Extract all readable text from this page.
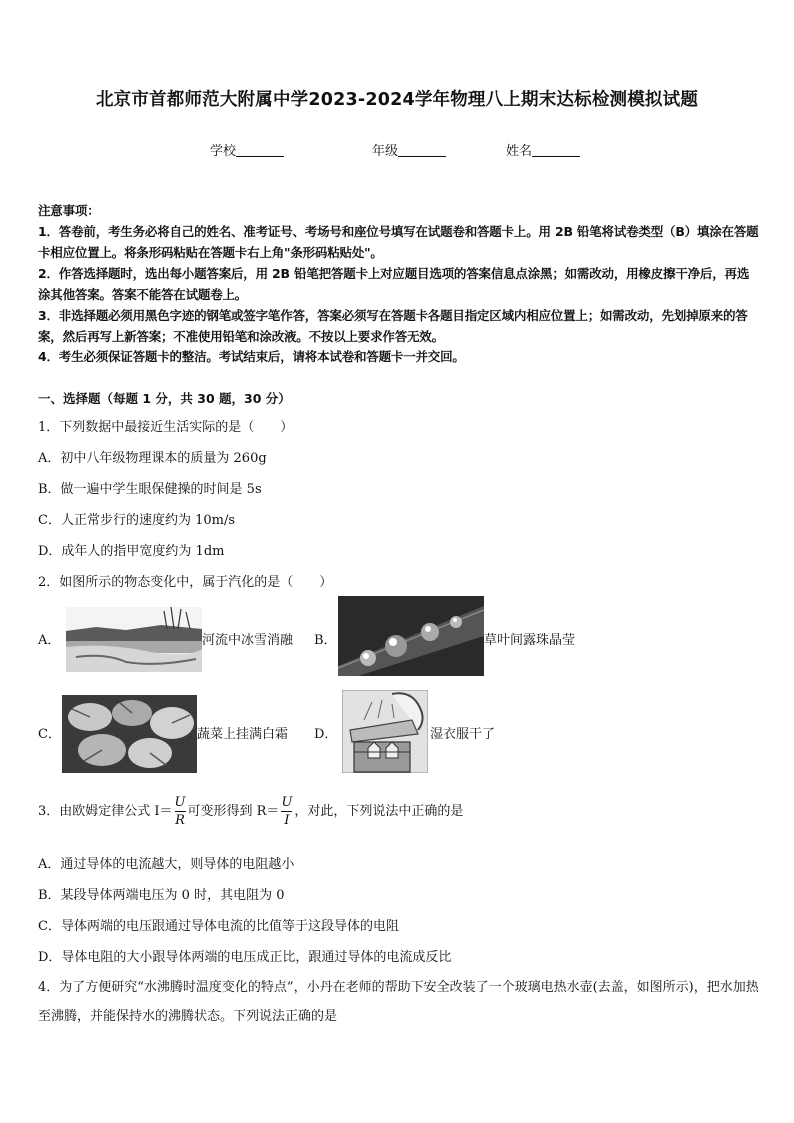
北京市首都师范大附属中学2023-2024学年物理八上期末达标检测模拟试题
学校	年级	姓名
注意事项：
1．答卷前，考生务必将自己的姓名、准考证号、考场号和座位号填写在试题卷和答题卡上。用 2B 铅笔将试卷类型（B）填涂在答题卡相应位置上。将条形码粘贴在答题卡右上角"条形码粘贴处"。
2．作答选择题时，选出每小题答案后，用 2B 铅笔把答题卡上对应题目选项的答案信息点涂黑；如需改动，用橡皮擦干净后，再选涂其他答案。答案不能答在试题卷上。
3．非选择题必须用黑色字迹的钢笔或签字笔作答，答案必须写在答题卡各题目指定区域内相应位置上；如需改动，先划掉原来的答案，然后再写上新答案；不准使用铅笔和涂改液。不按以上要求作答无效。
4．考生必须保证答题卡的整洁。考试结束后，请将本试卷和答题卡一并交回。
一、选择题（每题 1 分，共 30 题，30 分）
1．下列数据中最接近生活实际的是（　　）
A．初中八年级物理课本的质量为 260g
B．做一遍中学生眼保健操的时间是 5s
C．人正常步行的速度约为 10m/s
D．成年人的指甲宽度约为 1dm
2．如图所示的物态变化中，属于汽化的是（　　）
A．	河流中冰雪消融 B．	草叶间露珠晶莹
C．	蔬菜上挂满白霜 D．	湿衣服干了
3．由欧姆定律公式 $I= \frac{U}{R}$ 可变形得到 $R= \frac{U}{I}$ ，对此，下列说法中正确的是
A．通过导体的电流越大，则导体的电阻越小
B．某段导体两端电压为 0 时，其电阻为 0
C．导体两端的电压跟通过导体电流的比值等于这段导体的电阻
D．导体电阻的大小跟导体两端的电压成正比，跟通过导体的电流成反比
4．为了方便研究“水沸腾时温度变化的特点”，小丹在老师的帮助下安全改装了一个玻璃电热水壶(去盖，如图所示)，把水加热至沸腾，并能保持水的沸腾状态。下列说法正确的是
